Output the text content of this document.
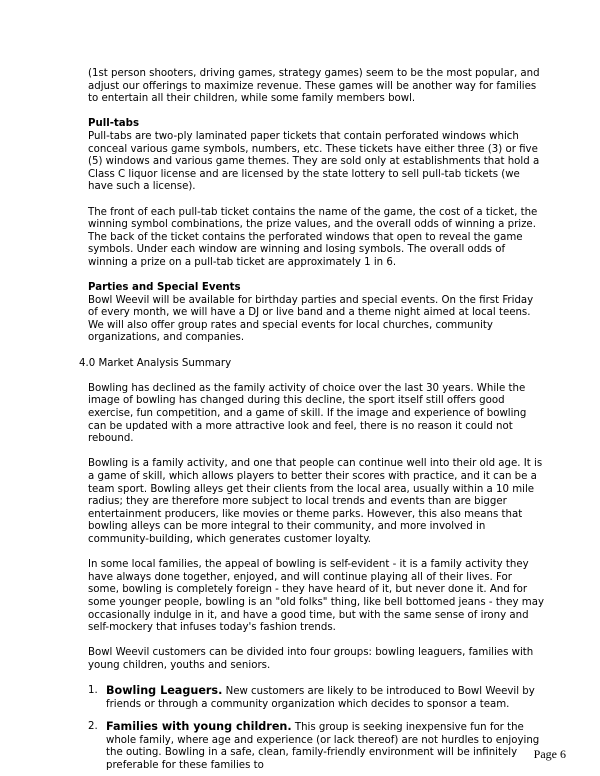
(1st person shooters, driving games, strategy games) seem to be the most popular, and adjust our offerings to maximize revenue. These games will be another way for families to entertain all their children, while some family members bowl.

Pull-tabs

Pull-tabs are two-ply laminated paper tickets that contain perforated windows which conceal various game symbols, numbers, etc. These tickets have either three (3) or five (5) windows and various game themes. They are sold only at establishments that hold a Class C liquor license and are licensed by the state lottery to sell pull-tab tickets (we have such a license).

The front of each pull-tab ticket contains the name of the game, the cost of a ticket, the winning symbol combinations, the prize values, and the overall odds of winning a prize. The back of the ticket contains the perforated windows that open to reveal the game symbols. Under each window are winning and losing symbols. The overall odds of winning a prize on a pull-tab ticket are approximately 1 in 6.

Parties and Special Events

Bowl Weevil will be available for birthday parties and special events. On the first Friday of every month, we will have a DJ or live band and a theme night aimed at local teens. We will also offer group rates and special events for local churches, community organizations, and companies.

4.0 Market Analysis Summary

Bowling has declined as the family activity of choice over the last 30 years. While the image of bowling has changed during this decline, the sport itself still offers good exercise, fun competition, and a game of skill. If the image and experience of bowling can be updated with a more attractive look and feel, there is no reason it could not rebound.

Bowling is a family activity, and one that people can continue well into their old age. It is a game of skill, which allows players to better their scores with practice, and it can be a team sport. Bowling alleys get their clients from the local area, usually within a 10 mile radius; they are therefore more subject to local trends and events than are bigger entertainment producers, like movies or theme parks. However, this also means that bowling alleys can be more integral to their community, and more involved in community-building, which generates customer loyalty.

In some local families, the appeal of bowling is self-evident - it is a family activity they have always done together, enjoyed, and will continue playing all of their lives. For some, bowling is completely foreign - they have heard of it, but never done it. And for some younger people, bowling is an "old folks" thing, like bell bottomed jeans - they may occasionally indulge in it, and have a good time, but with the same sense of irony and self-mockery that infuses today's fashion trends.

Bowl Weevil customers can be divided into four groups: bowling leaguers, families with young children, youths and seniors.

1. Bowling Leaguers. New customers are likely to be introduced to Bowl Weevil by friends or through a community organization which decides to sponsor a team.
2. Families with young children. This group is seeking inexpensive fun for the whole family, where age and experience (or lack thereof) are not hurdles to enjoying the outing. Bowling in a safe, clean, family-friendly environment will be infinitely preferable for these families to
Page 6
